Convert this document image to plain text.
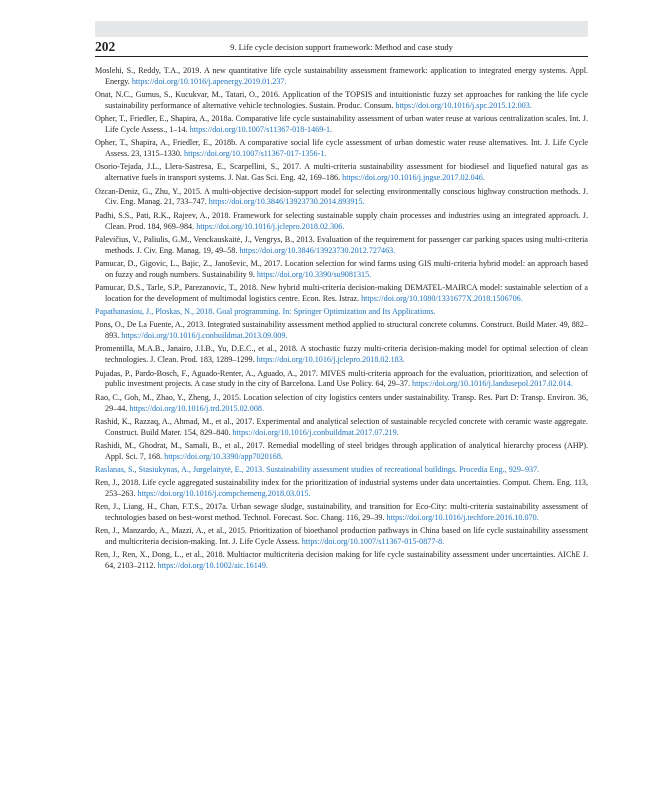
202	9. Life cycle decision support framework: Method and case study
Moslehi, S., Reddy, T.A., 2019. A new quantitative life cycle sustainability assessment framework: application to integrated energy systems. Appl. Energy. https://doi.org/10.1016/j.apenergy.2019.01.237.
Onat, N.C., Gumus, S., Kucukvar, M., Tatari, O., 2016. Application of the TOPSIS and intuitionistic fuzzy set approaches for ranking the life cycle sustainability performance of alternative vehicle technologies. Sustain. Produc. Consum. https://doi.org/10.1016/j.spc.2015.12.003.
Opher, T., Friedler, E., Shapira, A., 2018a. Comparative life cycle sustainability assessment of urban water reuse at various centralization scales. Int. J. Life Cycle Assess., 1–14. https://doi.org/10.1007/s11367-018-1469-1.
Opher, T., Shapira, A., Friedler, E., 2018b. A comparative social life cycle assessment of urban domestic water reuse alternatives. Int. J. Life Cycle Assess. 23, 1315–1330. https://doi.org/10.1007/s11367-017-1356-1.
Osorio-Tejada, J.L., Llera-Sastresa, E., Scarpellini, S., 2017. A multi-criteria sustainability assessment for biodiesel and liquefied natural gas as alternative fuels in transport systems. J. Nat. Gas Sci. Eng. 42, 169–186. https://doi.org/10.1016/j.jngse.2017.02.046.
Ozcan-Deniz, G., Zhu, Y., 2015. A multi-objective decision-support model for selecting environmentally conscious highway construction methods. J. Civ. Eng. Manag. 21, 733–747. https://doi.org/10.3846/13923730.2014.893915.
Padhi, S.S., Pati, R.K., Rajeev, A., 2018. Framework for selecting sustainable supply chain processes and industries using an integrated approach. J. Clean. Prod. 184, 969–984. https://doi.org/10.1016/j.jclepro.2018.02.306.
Palevičius, V., Paliulis, G.M., Venckauskaitė, J., Vengrys, B., 2013. Evaluation of the requirement for passenger car parking spaces using multi-criteria methods. J. Civ. Eng. Manag. 19, 49–58. https://doi.org/10.3846/13923730.2012.727463.
Pamucar, D., Gigovic, L., Bajic, Z., Janoševic, M., 2017. Location selection for wind farms using GIS multi-criteria hybrid model: an approach based on fuzzy and rough numbers. Sustainability 9. https://doi.org/10.3390/su9081315.
Pamucar, D.S., Tarle, S.P., Parezanovic, T., 2018. New hybrid multi-criteria decision-making DEMATEL-MAIRCA model: sustainable selection of a location for the development of multimodal logistics centre. Econ. Res. Istraz. https://doi.org/10.1080/1331677X.2018.1506706.
Papathanasiou, J., Ploskas, N., 2018. Goal programming. In: Springer Optimization and Its Applications.
Pons, O., De La Fuente, A., 2013. Integrated sustainability assessment method applied to structural concrete columns. Construct. Build Mater. 49, 882–893. https://doi.org/10.1016/j.conbuildmat.2013.09.009.
Promentilla, M.A.B., Janairo, J.I.B., Yu, D.E.C., et al., 2018. A stochastic fuzzy multi-criteria decision-making model for optimal selection of clean technologies. J. Clean. Prod. 183, 1289–1299. https://doi.org/10.1016/j.jclepro.2018.02.183.
Pujadas, P., Pardo-Bosch, F., Aguado-Renter, A., Aguado, A., 2017. MIVES multi-criteria approach for the evaluation, prioritization, and selection of public investment projects. A case study in the city of Barcelona. Land Use Policy. 64, 29–37. https://doi.org/10.1016/j.landusepol.2017.02.014.
Rao, C., Goh, M., Zhao, Y., Zheng, J., 2015. Location selection of city logistics centers under sustainability. Transp. Res. Part D: Transp. Environ. 36, 29–44. https://doi.org/10.1016/j.trd.2015.02.008.
Rashid, K., Razzaq, A., Ahmad, M., et al., 2017. Experimental and analytical selection of sustainable recycled concrete with ceramic waste aggregate. Construct. Build Mater. 154, 829–840. https://doi.org/10.1016/j.conbuildmat.2017.07.219.
Rashidi, M., Ghodrat, M., Samali, B., et al., 2017. Remedial modelling of steel bridges through application of analytical hierarchy process (AHP). Appl. Sci. 7, 168. https://doi.org/10.3390/app7020168.
Raslanas, S., Stasiukynas, A., Jurgelaitytė, E., 2013. Sustainability assessment studies of recreational buildings. Procedia Eng., 929–937.
Ren, J., 2018. Life cycle aggregated sustainability index for the prioritization of industrial systems under data uncertainties. Comput. Chem. Eng. 113, 253–263. https://doi.org/10.1016/j.compchemeng.2018.03.015.
Ren, J., Liang, H., Chan, F.T.S., 2017a. Urban sewage sludge, sustainability, and transition for Eco-City: multi-criteria sustainability assessment of technologies based on best-worst method. Technol. Forecast. Soc. Chang. 116, 29–39. https://doi.org/10.1016/j.techfore.2016.10.070.
Ren, J., Manzardo, A., Mazzi, A., et al., 2015. Prioritization of bioethanol production pathways in China based on life cycle sustainability assessment and multicriteria decision-making. Int. J. Life Cycle Assess. https://doi.org/10.1007/s11367-015-0877-8.
Ren, J., Ren, X., Dong, L., et al., 2018. Multiactor multicriteria decision making for life cycle sustainability assessment under uncertainties. AIChE J. 64, 2103–2112. https://doi.org/10.1002/aic.16149.
